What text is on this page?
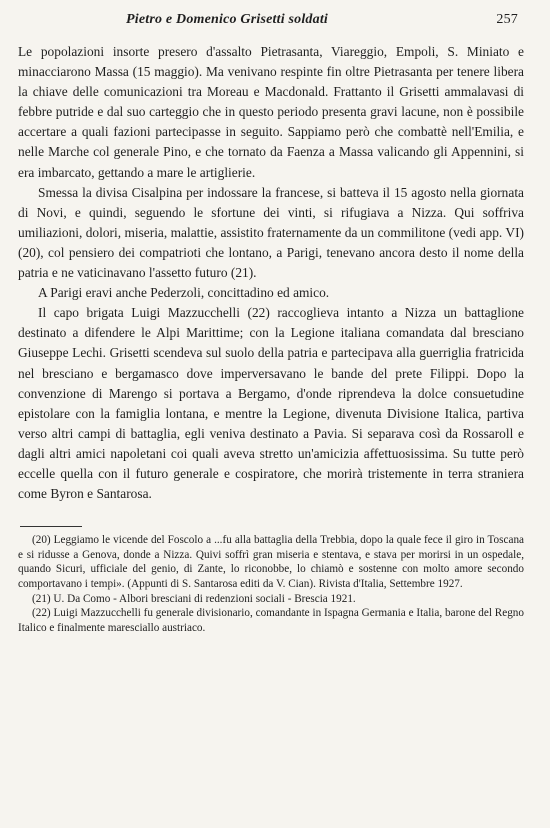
Pietro e Domenico Grisetti soldati	257

Le popolazioni insorte presero d'assalto Pietrasanta, Viareggio, Empoli, S. Miniato e minacciarono Massa (15 maggio). Ma venivano respinte fin oltre Pietrasanta per tenere libera la chiave delle comunicazioni tra Moreau e Macdonald. Frattanto il Grisetti ammalavasi di febbre putride e dal suo carteggio che in questo periodo presenta gravi lacune, non è possibile accertare a quali fazioni partecipasse in seguito. Sappiamo però che combattè nell'Emilia, e nelle Marche col generale Pino, e che tornato da Faenza a Massa valicando gli Appennini, si era imbarcato, gettando a mare le artiglierie.

Smessa la divisa Cisalpina per indossare la francese, si batteva il 15 agosto nella giornata di Novi, e quindi, seguendo le sfortune dei vinti, si rifugiava a Nizza. Qui soffriva umiliazioni, dolori, miseria, malattie, assistito fraternamente da un commilitone (vedi app. VI) (20), col pensiero dei compatrioti che lontano, a Parigi, tenevano ancora desto il nome della patria e ne vaticinavano l'assetto futuro (21).

A Parigi eravi anche Pederzoli, concittadino ed amico.

Il capo brigata Luigi Mazzucchelli (22) raccoglieva intanto a Nizza un battaglione destinato a difendere le Alpi Marittime; con la Legione italiana comandata dal bresciano Giuseppe Lechi. Grisetti scendeva sul suolo della patria e partecipava alla guerriglia fratricida nel bresciano e bergamasco dove imperversavano le bande del prete Filippi. Dopo la convenzione di Marengo si portava a Bergamo, d'onde riprendeva la dolce consuetudine epistolare con la famiglia lontana, e mentre la Legione, divenuta Divisione Italica, partiva verso altri campi di battaglia, egli veniva destinato a Pavia. Si separava così da Rossaroll e dagli altri amici napoletani coi quali aveva stretto un'amicizia affettuosissima. Su tutte però eccelle quella con il futuro generale e cospiratore, che morirà tristemente in terra straniera come Byron e Santarosa.

(20) Leggiamo le vicende del Foscolo a ...fu alla battaglia della Trebbia, dopo la quale fece il giro in Toscana e si ridusse a Genova, donde a Nizza. Quivi soffrì gran miseria e stentava, e stava per morirsi in un ospedale, quando Sicuri, ufficiale del genio, di Zante, lo riconobbe, lo chiamò e sostenne con molto amore secondo comportavano i tempi». (Appunti di S. Santarosa editi da V. Cian). Rivista d'Italia, Settembre 1927.

(21) U. Da Como - Albori bresciani di redenzioni sociali - Brescia 1921.

(22) Luigi Mazzucchelli fu generale divisionario, comandante in Ispagna Germania e Italia, barone del Regno Italico e finalmente maresciallo austriaco.
